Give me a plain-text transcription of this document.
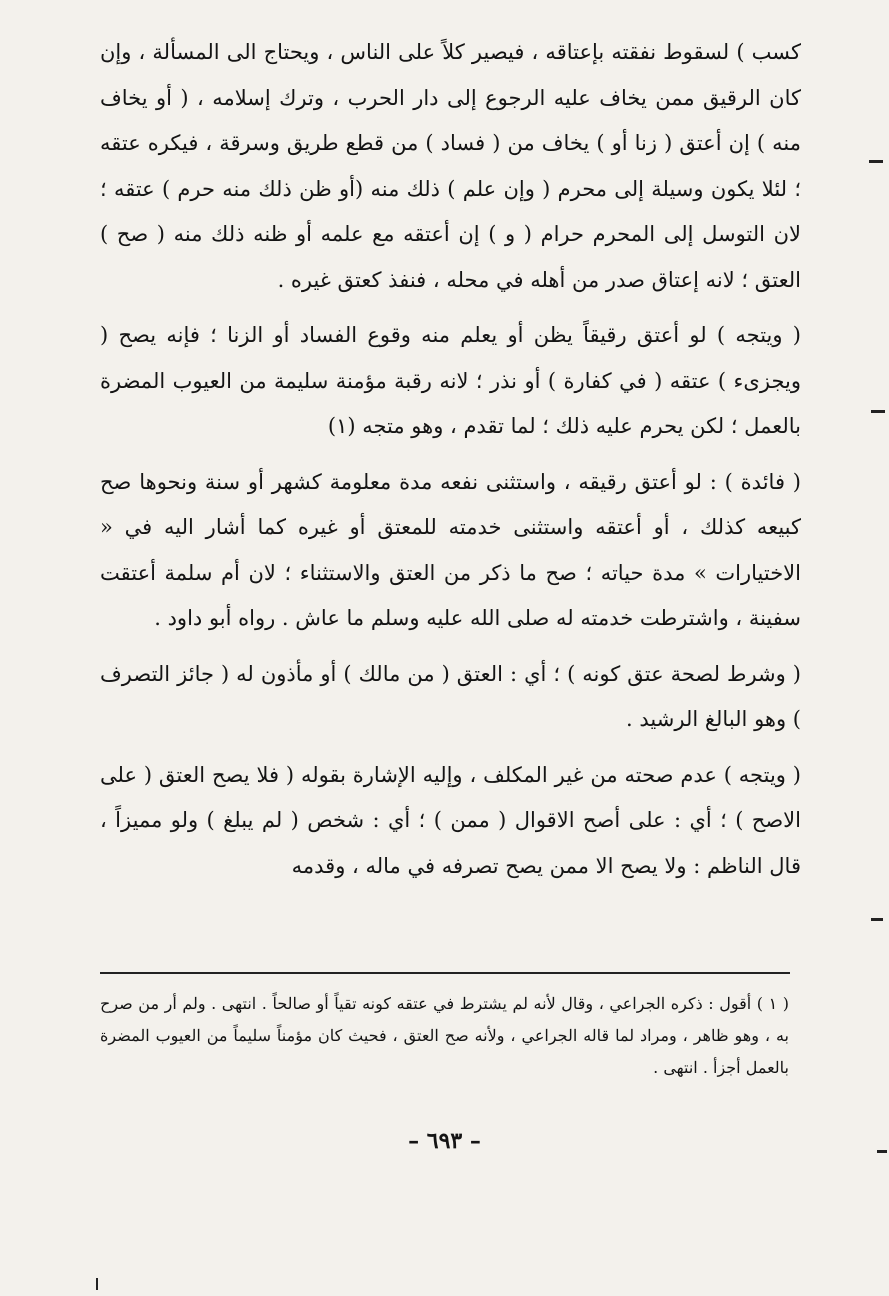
كسب ) لسقوط نفقته بإعتاقه ، فيصير كلاً على الناس ، ويحتاج الى المسألة ، وإن كان الرقيق ممن يخاف عليه الرجوع إلى دار الحرب ، وترك إسلامه ، ( أو يخاف منه ) إن أعتق ( زنا أو ) يخاف من ( فساد ) من قطع طريق وسرقة ، فيكره عتقه ؛ لئلا يكون وسيلة إلى محرم ( وإن علم ) ذلك منه (أو ظن ذلك منه حرم ) عتقه ؛ لان التوسل إلى المحرم حرام ( و ) إن أعتقه مع علمه أو ظنه ذلك منه ( صح ) العتق ؛ لانه إعتاق صدر من أهله في محله ، فنفذ كعتق غيره .

( ويتجه ) لو أعتق رقيقاً يظن أو يعلم منه وقوع الفساد أو الزنا ؛ فإنه يصح ( ويجزىء ) عتقه ( في كفارة ) أو نذر ؛ لانه رقبة مؤمنة سليمة من العيوب المضرة بالعمل ؛ لكن يحرم عليه ذلك ؛ لما تقدم ، وهو متجه (١)

( فائدة ) : لو أعتق رقيقه ، واستثنى نفعه مدة معلومة كشهر أو سنة ونحوها صح كبيعه كذلك ، أو أعتقه واستثنى خدمته للمعتق أو غيره كما أشار اليه في « الاختيارات » مدة حياته ؛ صح ما ذكر من العتق والاستثناء ؛ لان أم سلمة أعتقت سفينة ، واشترطت خدمته له صلى الله عليه وسلم ما عاش . رواه أبو داود .

( وشرط لصحة عتق كونه ) ؛ أي : العتق ( من مالك ) أو مأذون له ( جائز التصرف ) وهو البالغ الرشيد .

( ويتجه ) عدم صحته من غير المكلف ، وإليه الإشارة بقوله ( فلا يصح العتق ( على الاصح ) ؛ أي : على أصح الاقوال ( ممن ) ؛ أي : شخص ( لم يبلغ ) ولو مميزاً ، قال الناظم : ولا يصح الا ممن يصح تصرفه في ماله ، وقدمه

( ١ ) أقول : ذكره الجراعي ، وقال لأنه لم يشترط في عتقه كونه تقياً أو صالحاً . انتهى . ولم أر من صرح به ، وهو ظاهر ، ومراد لما قاله الجراعي ، ولأنه صح العتق ، فحيث كان مؤمناً سليماً من العيوب المضرة بالعمل أجزأ . انتهى .

– ٦٩٣ –
